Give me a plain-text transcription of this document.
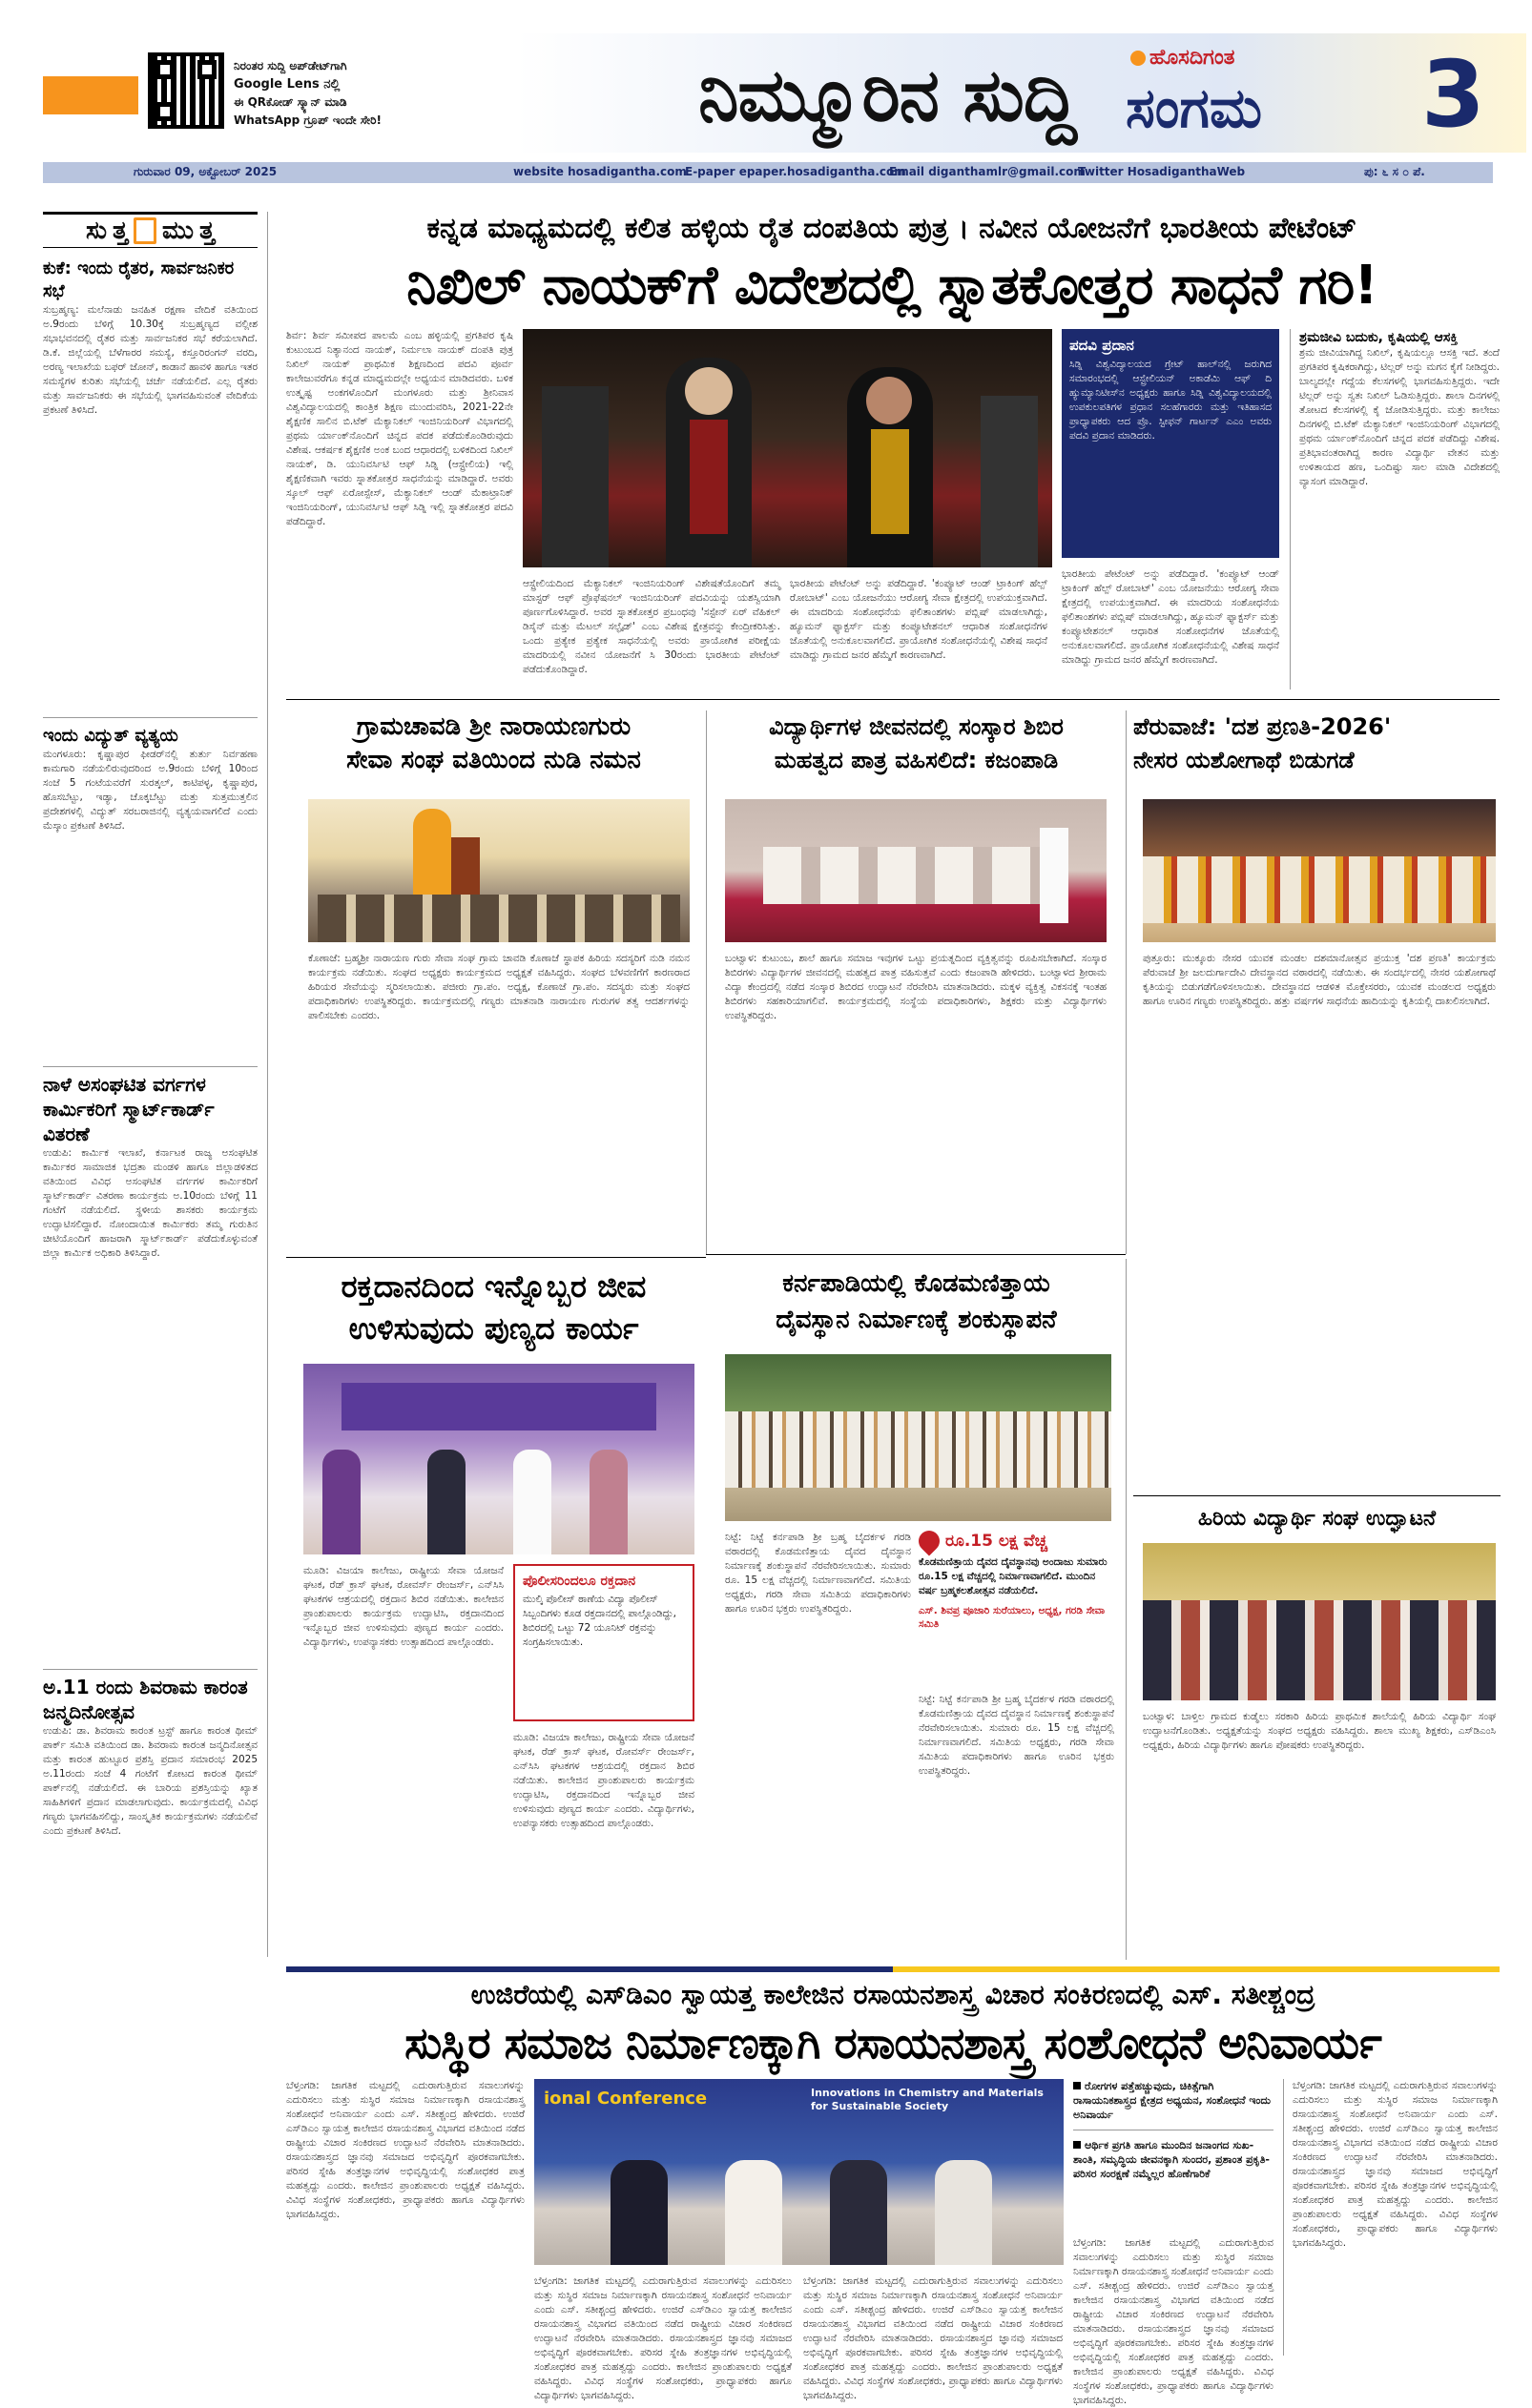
ನಿರಂತರ ಸುದ್ದಿ ಅಪ್‌ಡೇಟ್‌ಗಾಗಿ
Google Lens ನಲ್ಲಿ
ಈ QRಕೋಡ್ ಸ್ಕ್ಯಾನ್ ಮಾಡಿ
WhatsApp ಗ್ರೂಪ್ ಇಂದೇ ಸೇರಿ!	ನಿಮ್ಮೂರಿನ ಸುದ್ದಿ	ಹೊಸದಿಗಂತ
ಸಂಗಮ 3
ಗುರುವಾರ 09, ಅಕ್ಟೋಬರ್ 2025	website hosadigantha.com
E-paper epaper.hosadigantha.com
Email diganthamlr@gmail.com
Twitter HosadiganthaWeb	ಪು: ೬ ಸ ೦ ಪೆ.
ಸು ತ್ತ ಮು ತ್ತ
ಕುಕೆ: ಇಂದು ರೈತರ, ಸಾರ್ವಜನಿಕರ ಸಭೆ
ಸುಬ್ರಹ್ಮಣ್ಯ: ಮಲೆನಾಡು ಜನಹಿತ ರಕ್ಷಣಾ ವೇದಿಕೆ ವತಿಯಿಂದ ಅ.9ರಂದು ಬೆಳಿಗ್ಗೆ 10.30ಕ್ಕೆ ಸುಬ್ರಹ್ಮಣ್ಯದ ವಲ್ಲೀಶ ಸಭಾಭವನದಲ್ಲಿ ರೈತರ ಮತ್ತು ಸಾರ್ವಜನಿಕರ ಸಭೆ ಕರೆಯಲಾಗಿದೆ. ಡಿ.ಕೆ. ಜಿಲ್ಲೆಯಲ್ಲಿ ಬೆಳೆಗಾರರ ಸಮಸ್ಯೆ, ಕಸ್ತೂರಿರಂಗನ್ ವರದಿ, ಅರಣ್ಯ ಇಲಾಖೆಯ ಬಫರ್ ಜೋನ್, ಕಾಡಾನೆ ಹಾವಳಿ ಹಾಗೂ ಇತರ ಸಮಸ್ಯೆಗಳ ಕುರಿತು ಸಭೆಯಲ್ಲಿ ಚರ್ಚೆ ನಡೆಯಲಿದೆ. ಎಲ್ಲ ರೈತರು ಮತ್ತು ಸಾರ್ವಜನಿಕರು ಈ ಸಭೆಯಲ್ಲಿ ಭಾಗವಹಿಸುವಂತೆ ವೇದಿಕೆಯ ಪ್ರಕಟಣೆ ತಿಳಿಸಿದೆ.
ಇಂದು ವಿದ್ಯುತ್ ವ್ಯತ್ಯಯ
ಮಂಗಳೂರು: ಕೃಷ್ಣಾಪುರ ಫೀಡರ್‌ನಲ್ಲಿ ತುರ್ತು ನಿರ್ವಹಣಾ ಕಾಮಗಾರಿ ನಡೆಯಲಿರುವುದರಿಂದ ಅ.9ರಂದು ಬೆಳಿಗ್ಗೆ 10ರಿಂದ ಸಂಜೆ 5 ಗಂಟೆಯವರೆಗೆ ಸುರತ್ಕಲ್, ಕಾಟಿಪಳ್ಳ, ಕೃಷ್ಣಾಪುರ, ಹೊಸಬೆಟ್ಟು, ಇಡ್ಯಾ, ಚೊಕ್ಕಬೆಟ್ಟು ಮತ್ತು ಸುತ್ತಮುತ್ತಲಿನ ಪ್ರದೇಶಗಳಲ್ಲಿ ವಿದ್ಯುತ್ ಸರಬರಾಜಿನಲ್ಲಿ ವ್ಯತ್ಯಯವಾಗಲಿದೆ ಎಂದು ಮೆಸ್ಕಾಂ ಪ್ರಕಟಣೆ ತಿಳಿಸಿದೆ.
ನಾಳೆ ಅಸಂಘಟಿತ ವರ್ಗಗಳ ಕಾರ್ಮಿಕರಿಗೆ ಸ್ಮಾರ್ಟ್‌ಕಾರ್ಡ್ ವಿತರಣೆ
ಉಡುಪಿ: ಕಾರ್ಮಿಕ ಇಲಾಖೆ, ಕರ್ನಾಟಕ ರಾಜ್ಯ ಅಸಂಘಟಿತ ಕಾರ್ಮಿಕರ ಸಾಮಾಜಿಕ ಭದ್ರತಾ ಮಂಡಳಿ ಹಾಗೂ ಜಿಲ್ಲಾಡಳಿತದ ವತಿಯಿಂದ ವಿವಿಧ ಅಸಂಘಟಿತ ವರ್ಗಗಳ ಕಾರ್ಮಿಕರಿಗೆ ಸ್ಮಾರ್ಟ್‌ಕಾರ್ಡ್ ವಿತರಣಾ ಕಾರ್ಯಕ್ರಮ ಅ.10ರಂದು ಬೆಳಿಗ್ಗೆ 11 ಗಂಟೆಗೆ ನಡೆಯಲಿದೆ. ಸ್ಥಳೀಯ ಶಾಸಕರು ಕಾರ್ಯಕ್ರಮ ಉದ್ಘಾಟಿಸಲಿದ್ದಾರೆ. ನೋಂದಾಯಿತ ಕಾರ್ಮಿಕರು ತಮ್ಮ ಗುರುತಿನ ಚೀಟಿಯೊಂದಿಗೆ ಹಾಜರಾಗಿ ಸ್ಮಾರ್ಟ್‌ಕಾರ್ಡ್ ಪಡೆದುಕೊಳ್ಳುವಂತೆ ಜಿಲ್ಲಾ ಕಾರ್ಮಿಕ ಅಧಿಕಾರಿ ತಿಳಿಸಿದ್ದಾರೆ.
ಅ.11 ರಂದು ಶಿವರಾಮ ಕಾರಂತ ಜನ್ಮದಿನೋತ್ಸವ
ಉಡುಪಿ: ಡಾ. ಶಿವರಾಮ ಕಾರಂತ ಟ್ರಸ್ಟ್ ಹಾಗೂ ಕಾರಂತ ಥೀಮ್ ಪಾರ್ಕ್ ಸಮಿತಿ ವತಿಯಿಂದ ಡಾ. ಶಿವರಾಮ ಕಾರಂತ ಜನ್ಮದಿನೋತ್ಸವ ಮತ್ತು ಕಾರಂತ ಹುಟ್ಟೂರ ಪ್ರಶಸ್ತಿ ಪ್ರದಾನ ಸಮಾರಂಭ 2025 ಅ.11ರಂದು ಸಂಜೆ 4 ಗಂಟೆಗೆ ಕೋಟದ ಕಾರಂತ ಥೀಮ್ ಪಾರ್ಕ್‌ನಲ್ಲಿ ನಡೆಯಲಿದೆ. ಈ ಬಾರಿಯ ಪ್ರಶಸ್ತಿಯನ್ನು ಖ್ಯಾತ ಸಾಹಿತಿಗಳಿಗೆ ಪ್ರದಾನ ಮಾಡಲಾಗುವುದು. ಕಾರ್ಯಕ್ರಮದಲ್ಲಿ ವಿವಿಧ ಗಣ್ಯರು ಭಾಗವಹಿಸಲಿದ್ದು, ಸಾಂಸ್ಕೃತಿಕ ಕಾರ್ಯಕ್ರಮಗಳು ನಡೆಯಲಿವೆ ಎಂದು ಪ್ರಕಟಣೆ ತಿಳಿಸಿದೆ.
ಕನ್ನಡ ಮಾಧ್ಯಮದಲ್ಲಿ ಕಲಿತ ಹಳ್ಳಿಯ ರೈತ ದಂಪತಿಯ ಪುತ್ರ । ನವೀನ ಯೋಜನೆಗೆ ಭಾರತೀಯ ಪೇಟೆಂಟ್
ನಿಖಿಲ್ ನಾಯಕ್‌ಗೆ ವಿದೇಶದಲ್ಲಿ ಸ್ನಾತಕೋತ್ತರ ಸಾಧನೆ ಗರಿ!
ಶಿರ್ವ: ಶಿರ್ವ ಸಮೀಪದ ಪಾಲಮೆ ಎಂಬ ಹಳ್ಳಿಯಲ್ಲಿ ಪ್ರಗತಿಪರ ಕೃಷಿ ಕುಟುಂಬದ ನಿತ್ಯಾನಂದ ನಾಯಕ್, ನಿರ್ಮಲಾ ನಾಯಕ್ ದಂಪತಿ ಪುತ್ರ ನಿಖಿಲ್ ನಾಯಕ್ ಪ್ರಾಥಮಿಕ ಶಿಕ್ಷಣದಿಂದ ಪದವಿ ಪೂರ್ವ ಕಾಲೇಜುವರೆಗೂ ಕನ್ನಡ ಮಾಧ್ಯಮದಲ್ಲೇ ಅಧ್ಯಯನ ಮಾಡಿದವರು. ಬಳಿಕ ಉತ್ಕೃಷ್ಟ ಅಂಕಗಳೊಂದಿಗೆ ಮಂಗಳೂರು ಮತ್ತು ಶ್ರೀನಿವಾಸ ವಿಶ್ವವಿದ್ಯಾಲಯದಲ್ಲಿ ಕಾಂತ್ರಿಕ ಶಿಕ್ಷಣ ಮುಂದುವರಿಸಿ, 2021-22ನೇ ಶೈಕ್ಷಣಿಕ ಸಾಲಿನ ಬಿ.ಟೆಕ್ ಮೆಕ್ಯಾನಿಕಲ್ ಇಂಜಿನಿಯರಿಂಗ್ ವಿಭಾಗದಲ್ಲಿ ಪ್ರಥಮ ರ್ಯಾಂಕ್‌ನೊಂದಿಗೆ ಚಿನ್ನದ ಪದಕ ಪಡೆದುಕೊಂಡಿರುವುದು ವಿಶೇಷ. ಆಕರ್ಷಕ ಶೈಕ್ಷಣಿಕ ಅಂಕ ಬಂದ ಆಧಾರದಲ್ಲಿ ಬಳಿಕದಿಂದ ನಿಖಿಲ್ ನಾಯಕ್, ಡಿ. ಯುನಿವರ್ಸಿಟಿ ಆಫ್ ಸಿಡ್ನಿ (ಆಸ್ಟ್ರೇಲಿಯ) ಇಲ್ಲಿ ಶೈಕ್ಷಣಿಕವಾಗಿ ಇವರು ಸ್ನಾತಕೋತ್ತರ ಸಾಧನೆಯನ್ನು ಮಾಡಿದ್ದಾರೆ. ಅವರು ಸ್ಕೂಲ್ ಆಫ್ ಏರೋಸ್ಪೇಸ್, ಮೆಕ್ಯಾನಿಕಲ್ ಆಂಡ್ ಮೆಕಾಟ್ರಾನಿಕ್ ಇಂಜಿನಿಯರಿಂಗ್, ಯುನಿವರ್ಸಿಟಿ ಆಫ್ ಸಿಡ್ನಿ ಇಲ್ಲಿ ಸ್ನಾತಕೋತ್ತರ ಪದವಿ ಪಡೆದಿದ್ದಾರೆ.
ಆಸ್ಟ್ರೇಲಿಯದಿಂದ ಮೆಕ್ಯಾನಿಕಲ್ ಇಂಜಿನಿಯರಿಂಗ್ ವಿಶೇಷತೆಯೊಂದಿಗೆ ತಮ್ಮ ಮಾಸ್ಟರ್ ಆಫ್ ಪ್ರೊಫೆಷನಲ್ ಇಂಜಿನಿಯರಿಂಗ್ ಪದವಿಯನ್ನು ಯಶಸ್ವಿಯಾಗಿ ಪೂರ್ಣಗೊಳಿಸಿದ್ದಾರೆ. ಅವರ ಸ್ನಾತಕೋತ್ತರ ಪ್ರಬಂಧವು 'ಸಸ್ಟೇನ್ ಏರ್ ವೆಹಿಕಲ್ ಡಿಸೈನ್ ಮತ್ತು ಮೆಟಲ್ ಸಲ್ಫೈಡ್' ಎಂಬ ವಿಶೇಷ ಕ್ಷೇತ್ರವನ್ನು ಕೇಂದ್ರೀಕರಿಸಿತ್ತು. ಒಂದು ಪ್ರತ್ಯೇಕ ಪ್ರತ್ಯೇಕ ಸಾಧನೆಯಲ್ಲಿ ಅವರು ಪ್ರಾಯೋಗಿಕ ಪರೀಕ್ಷೆಯ ಮಾದರಿಯಲ್ಲಿ ನವೀನ ಯೋಜನೆಗೆ ಸಿ 30ರಂದು ಭಾರತೀಯ ಪೇಟೆಂಟ್ ಪಡೆದುಕೊಂಡಿದ್ದಾರೆ.
ಭಾರತೀಯ ಪೇಟೆಂಟ್ ಅನ್ನು ಪಡೆದಿದ್ದಾರೆ. 'ಕಂಪ್ಯೂಟ್ ಆಂಡ್ ಟ್ರಾಕಿಂಗ್ ಹೆಲ್ಪ್ ರೋಬಾಟ್' ಎಂಬ ಯೋಜನೆಯು ಆರೋಗ್ಯ ಸೇವಾ ಕ್ಷೇತ್ರದಲ್ಲಿ ಉಪಯುಕ್ತವಾಗಿದೆ. ಈ ಮಾದರಿಯ ಸಂಶೋಧನೆಯ ಫಲಿತಾಂಶಗಳು ಪಬ್ಲಿಷ್ ಮಾಡಲಾಗಿದ್ದು, ಹ್ಯೂಮನ್ ಫ್ಯಾಕ್ಟರ್ಸ್ ಮತ್ತು ಕಂಪ್ಯೂಟೇಶನಲ್ ಆಧಾರಿತ ಸಂಶೋಧನೆಗಳ ಜೊತೆಯಲ್ಲಿ ಅನುಕೂಲವಾಗಲಿದೆ. ಪ್ರಾಯೋಗಿಕ ಸಂಶೋಧನೆಯಲ್ಲಿ ವಿಶೇಷ ಸಾಧನೆ ಮಾಡಿದ್ದು ಗ್ರಾಮದ ಜನರ ಹೆಮ್ಮೆಗೆ ಕಾರಣವಾಗಿದೆ.
ಪದವಿ ಪ್ರದಾನ
ಸಿಡ್ನಿ ವಿಶ್ವವಿದ್ಯಾಲಯದ ಗ್ರೇಟ್ ಹಾಲ್‌ನಲ್ಲಿ ಜರುಗಿದ ಸಮಾರಂಭದಲ್ಲಿ ಆಸ್ಟ್ರೇಲಿಯನ್ ಅಕಾಡೆಮಿ ಆಫ್ ದಿ ಹ್ಯುಮ್ಯಾನಿಟೀಸ್‌ನ ಅಧ್ಯಕ್ಷರು ಹಾಗೂ ಸಿಡ್ನಿ ವಿಶ್ವವಿದ್ಯಾಲಯದಲ್ಲಿ ಉಪಕುಲಪತಿಗಳ ಪ್ರಧಾನ ಸಲಹೆಗಾರರು ಮತ್ತು ಇತಿಹಾಸದ ಪ್ರಾಧ್ಯಾಪಕರು ಆದ ಪ್ರೊ. ಸ್ಟೀಫನ್ ಗಾರ್ಟನ್ ಎಎಂ ಅವರು ಪದವಿ ಪ್ರದಾನ ಮಾಡಿದರು.
ಭಾರತೀಯ ಪೇಟೆಂಟ್ ಅನ್ನು ಪಡೆದಿದ್ದಾರೆ. 'ಕಂಪ್ಯೂಟ್ ಆಂಡ್ ಟ್ರಾಕಿಂಗ್ ಹೆಲ್ಪ್ ರೋಬಾಟ್' ಎಂಬ ಯೋಜನೆಯು ಆರೋಗ್ಯ ಸೇವಾ ಕ್ಷೇತ್ರದಲ್ಲಿ ಉಪಯುಕ್ತವಾಗಿದೆ. ಈ ಮಾದರಿಯ ಸಂಶೋಧನೆಯ ಫಲಿತಾಂಶಗಳು ಪಬ್ಲಿಷ್ ಮಾಡಲಾಗಿದ್ದು, ಹ್ಯೂಮನ್ ಫ್ಯಾಕ್ಟರ್ಸ್ ಮತ್ತು ಕಂಪ್ಯೂಟೇಶನಲ್ ಆಧಾರಿತ ಸಂಶೋಧನೆಗಳ ಜೊತೆಯಲ್ಲಿ ಅನುಕೂಲವಾಗಲಿದೆ. ಪ್ರಾಯೋಗಿಕ ಸಂಶೋಧನೆಯಲ್ಲಿ ವಿಶೇಷ ಸಾಧನೆ ಮಾಡಿದ್ದು ಗ್ರಾಮದ ಜನರ ಹೆಮ್ಮೆಗೆ ಕಾರಣವಾಗಿದೆ.
ಶ್ರಮಜೀವಿ ಬದುಕು, ಕೃಷಿಯಲ್ಲಿ ಆಸಕ್ತಿ
ಶ್ರಮ ಜೀವಿಯಾಗಿದ್ದ ನಿಖಿಲ್, ಕೃಷಿಯಲ್ಲೂ ಆಸಕ್ತಿ ಇದೆ. ತಂದೆ ಪ್ರಗತಿಪರ ಕೃಷಿಕರಾಗಿದ್ದು, ಟಿಲ್ಲರ್ ಅನ್ನು ಮಗನ ಕೈಗೆ ನೀಡಿದ್ದರು. ಬಾಲ್ಯದಲ್ಲೇ ಗದ್ದೆಯ ಕೆಲಸಗಳಲ್ಲಿ ಭಾಗವಹಿಸುತ್ತಿದ್ದರು. ಇದೇ ಟಿಲ್ಲರ್ ಅನ್ನು ಸ್ವತಃ ನಿಖಿಲ್ ಓಡಿಸುತ್ತಿದ್ದರು. ಶಾಲಾ ದಿನಗಳಲ್ಲಿ ತೋಟದ ಕೆಲಸಗಳಲ್ಲಿ ಕೈ ಜೋಡಿಸುತ್ತಿದ್ದರು. ಮತ್ತು ಕಾಲೇಜು ದಿನಗಳಲ್ಲಿ ಬಿ.ಟೆಕ್ ಮೆಕ್ಯಾನಿಕಲ್ ಇಂಜಿನಿಯರಿಂಗ್ ವಿಭಾಗದಲ್ಲಿ ಪ್ರಥಮ ರ್ಯಾಂಕ್‌ನೊಂದಿಗೆ ಚಿನ್ನದ ಪದಕ ಪಡೆದಿದ್ದು ವಿಶೇಷ. ಪ್ರತಿಭಾವಂತರಾಗಿದ್ದ ಕಾರಣ ವಿದ್ಯಾರ್ಥಿ ವೇತನ ಮತ್ತು ಉಳಿತಾಯದ ಹಣ, ಒಂದಿಷ್ಟು ಸಾಲ ಮಾಡಿ ವಿದೇಶದಲ್ಲಿ ವ್ಯಾಸಂಗ ಮಾಡಿದ್ದಾರೆ.
ಗ್ರಾಮಚಾವಡಿ ಶ್ರೀ ನಾರಾಯಣಗುರು
ಸೇವಾ ಸಂಘ ವತಿಯಿಂದ ನುಡಿ ನಮನ
ಕೊಣಾಜೆ: ಬ್ರಹ್ಮಶ್ರೀ ನಾರಾಯಣ ಗುರು ಸೇವಾ ಸಂಘ ಗ್ರಾಮ ಚಾವಡಿ ಕೊಣಾಜೆ ಸ್ಥಾಪಕ ಹಿರಿಯ ಸದಸ್ಯರಿಗೆ ನುಡಿ ನಮನ ಕಾರ್ಯಕ್ರಮ ನಡೆಯಿತು. ಸಂಘದ ಅಧ್ಯಕ್ಷರು ಕಾರ್ಯಕ್ರಮದ ಅಧ್ಯಕ್ಷತೆ ವಹಿಸಿದ್ದರು. ಸಂಘದ ಬೆಳವಣಿಗೆಗೆ ಕಾರಣರಾದ ಹಿರಿಯರ ಸೇವೆಯನ್ನು ಸ್ಮರಿಸಲಾಯಿತು. ಪಜೀರು ಗ್ರಾ.ಪಂ. ಅಧ್ಯಕ್ಷ, ಕೊಣಾಜೆ ಗ್ರಾ.ಪಂ. ಸದಸ್ಯರು ಮತ್ತು ಸಂಘದ ಪದಾಧಿಕಾರಿಗಳು ಉಪಸ್ಥಿತರಿದ್ದರು. ಕಾರ್ಯಕ್ರಮದಲ್ಲಿ ಗಣ್ಯರು ಮಾತನಾಡಿ ನಾರಾಯಣ ಗುರುಗಳ ತತ್ವ ಆದರ್ಶಗಳನ್ನು ಪಾಲಿಸಬೇಕು ಎಂದರು.
ವಿದ್ಯಾರ್ಥಿಗಳ ಜೀವನದಲ್ಲಿ ಸಂಸ್ಕಾರ ಶಿಬಿರ
ಮಹತ್ವದ ಪಾತ್ರ ವಹಿಸಲಿದೆ: ಕಜಂಪಾಡಿ
ಬಂಟ್ವಾಳ: ಕುಟುಂಬ, ಶಾಲೆ ಹಾಗೂ ಸಮಾಜ ಇವುಗಳ ಒಟ್ಟು ಪ್ರಯತ್ನದಿಂದ ವ್ಯಕ್ತಿತ್ವವನ್ನು ರೂಪಿಸಬೇಕಾಗಿದೆ. ಸಂಸ್ಕಾರ ಶಿಬಿರಗಳು ವಿದ್ಯಾರ್ಥಿಗಳ ಜೀವನದಲ್ಲಿ ಮಹತ್ವದ ಪಾತ್ರ ವಹಿಸುತ್ತವೆ ಎಂದು ಕಜಂಪಾಡಿ ಹೇಳಿದರು. ಬಂಟ್ವಾಳದ ಶ್ರೀರಾಮ ವಿದ್ಯಾ ಕೇಂದ್ರದಲ್ಲಿ ನಡೆದ ಸಂಸ್ಕಾರ ಶಿಬಿರದ ಉದ್ಘಾಟನೆ ನೆರವೇರಿಸಿ ಮಾತನಾಡಿದರು. ಮಕ್ಕಳ ವ್ಯಕ್ತಿತ್ವ ವಿಕಸನಕ್ಕೆ ಇಂತಹ ಶಿಬಿರಗಳು ಸಹಕಾರಿಯಾಗಲಿವೆ. ಕಾರ್ಯಕ್ರಮದಲ್ಲಿ ಸಂಸ್ಥೆಯ ಪದಾಧಿಕಾರಿಗಳು, ಶಿಕ್ಷಕರು ಮತ್ತು ವಿದ್ಯಾರ್ಥಿಗಳು ಉಪಸ್ಥಿತರಿದ್ದರು.
ಪೆರುವಾಜೆ: 'ದಶ ಪ್ರಣತಿ-2026'
ನೇಸರ ಯಶೋಗಾಥೆ ಬಿಡುಗಡೆ
ಪುತ್ತೂರು: ಮುಕ್ಕೂರು ನೇಸರ ಯುವಕ ಮಂಡಲ ದಶಮಾನೋತ್ಸವ ಪ್ರಯುಕ್ತ 'ದಶ ಪ್ರಣತಿ' ಕಾರ್ಯಕ್ರಮ ಪೆರುವಾಜೆ ಶ್ರೀ ಜಲದುರ್ಗಾದೇವಿ ದೇವಸ್ಥಾನದ ವಠಾರದಲ್ಲಿ ನಡೆಯಿತು. ಈ ಸಂದರ್ಭದಲ್ಲಿ ನೇಸರ ಯಶೋಗಾಥೆ ಕೃತಿಯನ್ನು ಬಿಡುಗಡೆಗೊಳಿಸಲಾಯಿತು. ದೇವಸ್ಥಾನದ ಆಡಳಿತ ಮೊಕ್ತೇಸರರು, ಯುವಕ ಮಂಡಲದ ಅಧ್ಯಕ್ಷರು ಹಾಗೂ ಊರಿನ ಗಣ್ಯರು ಉಪಸ್ಥಿತರಿದ್ದರು. ಹತ್ತು ವರ್ಷಗಳ ಸಾಧನೆಯ ಹಾದಿಯನ್ನು ಕೃತಿಯಲ್ಲಿ ದಾಖಲಿಸಲಾಗಿದೆ.
ರಕ್ತದಾನದಿಂದ ಇನ್ನೊಬ್ಬರ ಜೀವ
ಉಳಿಸುವುದು ಪುಣ್ಯದ ಕಾರ್ಯ
ಮೂಡಿ: ವಿಜಯಾ ಕಾಲೇಜು, ರಾಷ್ಟ್ರೀಯ ಸೇವಾ ಯೋಜನೆ ಘಟಕ, ರೆಡ್ ಕ್ರಾಸ್ ಘಟಕ, ರೋವರ್ಸ್ ರೇಂಜರ್ಸ್, ಎನ್‌ಸಿಸಿ ಘಟಕಗಳ ಆಶ್ರಯದಲ್ಲಿ ರಕ್ತದಾನ ಶಿಬಿರ ನಡೆಯಿತು. ಕಾಲೇಜಿನ ಪ್ರಾಂಶುಪಾಲರು ಕಾರ್ಯಕ್ರಮ ಉದ್ಘಾಟಿಸಿ, ರಕ್ತದಾನದಿಂದ ಇನ್ನೊಬ್ಬರ ಜೀವ ಉಳಿಸುವುದು ಪುಣ್ಯದ ಕಾರ್ಯ ಎಂದರು. ವಿದ್ಯಾರ್ಥಿಗಳು, ಉಪನ್ಯಾಸಕರು ಉತ್ಸಾಹದಿಂದ ಪಾಲ್ಗೊಂಡರು.
ಪೊಲೀಸರಿಂದಲೂ ರಕ್ತದಾನ
ಮುಲ್ಕಿ ಪೊಲೀಸ್ ಠಾಣೆಯ ವಿದ್ಯಾ ಪೊಲೀಸ್ ಸಿಬ್ಬಂದಿಗಳು ಕೂಡ ರಕ್ತದಾನದಲ್ಲಿ ಪಾಲ್ಗೊಂಡಿದ್ದು, ಶಿಬಿರದಲ್ಲಿ ಒಟ್ಟು 72 ಯೂನಿಟ್ ರಕ್ತವನ್ನು ಸಂಗ್ರಹಿಸಲಾಯಿತು.
ಮೂಡಿ: ವಿಜಯಾ ಕಾಲೇಜು, ರಾಷ್ಟ್ರೀಯ ಸೇವಾ ಯೋಜನೆ ಘಟಕ, ರೆಡ್ ಕ್ರಾಸ್ ಘಟಕ, ರೋವರ್ಸ್ ರೇಂಜರ್ಸ್, ಎನ್‌ಸಿಸಿ ಘಟಕಗಳ ಆಶ್ರಯದಲ್ಲಿ ರಕ್ತದಾನ ಶಿಬಿರ ನಡೆಯಿತು. ಕಾಲೇಜಿನ ಪ್ರಾಂಶುಪಾಲರು ಕಾರ್ಯಕ್ರಮ ಉದ್ಘಾಟಿಸಿ, ರಕ್ತದಾನದಿಂದ ಇನ್ನೊಬ್ಬರ ಜೀವ ಉಳಿಸುವುದು ಪುಣ್ಯದ ಕಾರ್ಯ ಎಂದರು. ವಿದ್ಯಾರ್ಥಿಗಳು, ಉಪನ್ಯಾಸಕರು ಉತ್ಸಾಹದಿಂದ ಪಾಲ್ಗೊಂಡರು.
ಕರ್ನಪಾಡಿಯಲ್ಲಿ ಕೊಡಮಣಿತ್ತಾಯ
ದೈವಸ್ಥಾನ ನಿರ್ಮಾಣಕ್ಕೆ ಶಂಕುಸ್ಥಾಪನೆ
ನಿಟ್ಟೆ: ನಿಟ್ಟೆ ಕರ್ನಪಾಡಿ ಶ್ರೀ ಬ್ರಹ್ಮ ಬೈದರ್ಕಳ ಗರಡಿ ವಠಾರದಲ್ಲಿ ಕೊಡಮಣಿತ್ತಾಯ ದೈವದ ದೈವಸ್ಥಾನ ನಿರ್ಮಾಣಕ್ಕೆ ಶಂಕುಸ್ಥಾಪನೆ ನೆರವೇರಿಸಲಾಯಿತು. ಸುಮಾರು ರೂ. 15 ಲಕ್ಷ ವೆಚ್ಚದಲ್ಲಿ ನಿರ್ಮಾಣವಾಗಲಿದೆ. ಸಮಿತಿಯ ಅಧ್ಯಕ್ಷರು, ಗರಡಿ ಸೇವಾ ಸಮಿತಿಯ ಪದಾಧಿಕಾರಿಗಳು ಹಾಗೂ ಊರಿನ ಭಕ್ತರು ಉಪಸ್ಥಿತರಿದ್ದರು.
ರೂ.15 ಲಕ್ಷ ವೆಚ್ಚ
ಕೊಡಮಣಿತ್ತಾಯ ದೈವದ ದೈವಸ್ಥಾನವು ಅಂದಾಜು ಸುಮಾರು ರೂ.15 ಲಕ್ಷ ವೆಚ್ಚದಲ್ಲಿ ನಿರ್ಮಾಣವಾಗಲಿದೆ. ಮುಂದಿನ ವರ್ಷ ಬ್ರಹ್ಮಕಲಶೋತ್ಸವ ನಡೆಯಲಿದೆ.
ಎಸ್. ಶಿವಪ್ರ ಪೂಜಾರಿ ಸುರೆಯಾಲು, ಅಧ್ಯಕ್ಷ, ಗರಡಿ ಸೇವಾ ಸಮಿತಿ
ನಿಟ್ಟೆ: ನಿಟ್ಟೆ ಕರ್ನಪಾಡಿ ಶ್ರೀ ಬ್ರಹ್ಮ ಬೈದರ್ಕಳ ಗರಡಿ ವಠಾರದಲ್ಲಿ ಕೊಡಮಣಿತ್ತಾಯ ದೈವದ ದೈವಸ್ಥಾನ ನಿರ್ಮಾಣಕ್ಕೆ ಶಂಕುಸ್ಥಾಪನೆ ನೆರವೇರಿಸಲಾಯಿತು. ಸುಮಾರು ರೂ. 15 ಲಕ್ಷ ವೆಚ್ಚದಲ್ಲಿ ನಿರ್ಮಾಣವಾಗಲಿದೆ. ಸಮಿತಿಯ ಅಧ್ಯಕ್ಷರು, ಗರಡಿ ಸೇವಾ ಸಮಿತಿಯ ಪದಾಧಿಕಾರಿಗಳು ಹಾಗೂ ಊರಿನ ಭಕ್ತರು ಉಪಸ್ಥಿತರಿದ್ದರು.
ಹಿರಿಯ ವಿದ್ಯಾರ್ಥಿ ಸಂಘ ಉದ್ಘಾಟನೆ
ಬಂಟ್ವಾಳ: ಬಾಳ್ತಿಲ ಗ್ರಾಮದ ಕುಡ್ಮೆಲು ಸರಕಾರಿ ಹಿರಿಯ ಪ್ರಾಥಮಿಕ ಶಾಲೆಯಲ್ಲಿ ಹಿರಿಯ ವಿದ್ಯಾರ್ಥಿ ಸಂಘ ಉದ್ಘಾಟನೆಗೊಂಡಿತು. ಅಧ್ಯಕ್ಷತೆಯನ್ನು ಸಂಘದ ಅಧ್ಯಕ್ಷರು ವಹಿಸಿದ್ದರು. ಶಾಲಾ ಮುಖ್ಯ ಶಿಕ್ಷಕರು, ಎಸ್‌ಡಿಎಂಸಿ ಅಧ್ಯಕ್ಷರು, ಹಿರಿಯ ವಿದ್ಯಾರ್ಥಿಗಳು ಹಾಗೂ ಪೋಷಕರು ಉಪಸ್ಥಿತರಿದ್ದರು.
ಉಜಿರೆಯಲ್ಲಿ ಎಸ್‌ಡಿಎಂ ಸ್ವಾಯತ್ತ ಕಾಲೇಜಿನ ರಸಾಯನಶಾಸ್ತ್ರ ವಿಚಾರ ಸಂಕಿರಣದಲ್ಲಿ ಎಸ್. ಸತೀಶ್ಚಂದ್ರ
ಸುಸ್ಥಿರ ಸಮಾಜ ನಿರ್ಮಾಣಕ್ಕಾಗಿ ರಸಾಯನಶಾಸ್ತ್ರ ಸಂಶೋಧನೆ ಅನಿವಾರ್ಯ
ಬೆಳ್ತಂಗಡಿ: ಜಾಗತಿಕ ಮಟ್ಟದಲ್ಲಿ ಎದುರಾಗುತ್ತಿರುವ ಸವಾಲುಗಳನ್ನು ಎದುರಿಸಲು ಮತ್ತು ಸುಸ್ಥಿರ ಸಮಾಜ ನಿರ್ಮಾಣಕ್ಕಾಗಿ ರಸಾಯನಶಾಸ್ತ್ರ ಸಂಶೋಧನೆ ಅನಿವಾರ್ಯ ಎಂದು ಎಸ್. ಸತೀಶ್ಚಂದ್ರ ಹೇಳಿದರು. ಉಜಿರೆ ಎಸ್‌ಡಿಎಂ ಸ್ವಾಯತ್ತ ಕಾಲೇಜಿನ ರಸಾಯನಶಾಸ್ತ್ರ ವಿಭಾಗದ ವತಿಯಿಂದ ನಡೆದ ರಾಷ್ಟ್ರೀಯ ವಿಚಾರ ಸಂಕಿರಣದ ಉದ್ಘಾಟನೆ ನೆರವೇರಿಸಿ ಮಾತನಾಡಿದರು. ರಸಾಯನಶಾಸ್ತ್ರದ ಜ್ಞಾನವು ಸಮಾಜದ ಅಭಿವೃದ್ಧಿಗೆ ಪೂರಕವಾಗಬೇಕು. ಪರಿಸರ ಸ್ನೇಹಿ ತಂತ್ರಜ್ಞಾನಗಳ ಅಭಿವೃದ್ಧಿಯಲ್ಲಿ ಸಂಶೋಧಕರ ಪಾತ್ರ ಮಹತ್ವದ್ದು ಎಂದರು. ಕಾಲೇಜಿನ ಪ್ರಾಂಶುಪಾಲರು ಅಧ್ಯಕ್ಷತೆ ವಹಿಸಿದ್ದರು. ವಿವಿಧ ಸಂಸ್ಥೆಗಳ ಸಂಶೋಧಕರು, ಪ್ರಾಧ್ಯಾಪಕರು ಹಾಗೂ ವಿದ್ಯಾರ್ಥಿಗಳು ಭಾಗವಹಿಸಿದ್ದರು.
ional Conference	Innovations in Chemistry and Materials for Sustainable Society
ಬೆಳ್ತಂಗಡಿ: ಜಾಗತಿಕ ಮಟ್ಟದಲ್ಲಿ ಎದುರಾಗುತ್ತಿರುವ ಸವಾಲುಗಳನ್ನು ಎದುರಿಸಲು ಮತ್ತು ಸುಸ್ಥಿರ ಸಮಾಜ ನಿರ್ಮಾಣಕ್ಕಾಗಿ ರಸಾಯನಶಾಸ್ತ್ರ ಸಂಶೋಧನೆ ಅನಿವಾರ್ಯ ಎಂದು ಎಸ್. ಸತೀಶ್ಚಂದ್ರ ಹೇಳಿದರು. ಉಜಿರೆ ಎಸ್‌ಡಿಎಂ ಸ್ವಾಯತ್ತ ಕಾಲೇಜಿನ ರಸಾಯನಶಾಸ್ತ್ರ ವಿಭಾಗದ ವತಿಯಿಂದ ನಡೆದ ರಾಷ್ಟ್ರೀಯ ವಿಚಾರ ಸಂಕಿರಣದ ಉದ್ಘಾಟನೆ ನೆರವೇರಿಸಿ ಮಾತನಾಡಿದರು. ರಸಾಯನಶಾಸ್ತ್ರದ ಜ್ಞಾನವು ಸಮಾಜದ ಅಭಿವೃದ್ಧಿಗೆ ಪೂರಕವಾಗಬೇಕು. ಪರಿಸರ ಸ್ನೇಹಿ ತಂತ್ರಜ್ಞಾನಗಳ ಅಭಿವೃದ್ಧಿಯಲ್ಲಿ ಸಂಶೋಧಕರ ಪಾತ್ರ ಮಹತ್ವದ್ದು ಎಂದರು. ಕಾಲೇಜಿನ ಪ್ರಾಂಶುಪಾಲರು ಅಧ್ಯಕ್ಷತೆ ವಹಿಸಿದ್ದರು. ವಿವಿಧ ಸಂಸ್ಥೆಗಳ ಸಂಶೋಧಕರು, ಪ್ರಾಧ್ಯಾಪಕರು ಹಾಗೂ ವಿದ್ಯಾರ್ಥಿಗಳು ಭಾಗವಹಿಸಿದ್ದರು.
ಬೆಳ್ತಂಗಡಿ: ಜಾಗತಿಕ ಮಟ್ಟದಲ್ಲಿ ಎದುರಾಗುತ್ತಿರುವ ಸವಾಲುಗಳನ್ನು ಎದುರಿಸಲು ಮತ್ತು ಸುಸ್ಥಿರ ಸಮಾಜ ನಿರ್ಮಾಣಕ್ಕಾಗಿ ರಸಾಯನಶಾಸ್ತ್ರ ಸಂಶೋಧನೆ ಅನಿವಾರ್ಯ ಎಂದು ಎಸ್. ಸತೀಶ್ಚಂದ್ರ ಹೇಳಿದರು. ಉಜಿರೆ ಎಸ್‌ಡಿಎಂ ಸ್ವಾಯತ್ತ ಕಾಲೇಜಿನ ರಸಾಯನಶಾಸ್ತ್ರ ವಿಭಾಗದ ವತಿಯಿಂದ ನಡೆದ ರಾಷ್ಟ್ರೀಯ ವಿಚಾರ ಸಂಕಿರಣದ ಉದ್ಘಾಟನೆ ನೆರವೇರಿಸಿ ಮಾತನಾಡಿದರು. ರಸಾಯನಶಾಸ್ತ್ರದ ಜ್ಞಾನವು ಸಮಾಜದ ಅಭಿವೃದ್ಧಿಗೆ ಪೂರಕವಾಗಬೇಕು. ಪರಿಸರ ಸ್ನೇಹಿ ತಂತ್ರಜ್ಞಾನಗಳ ಅಭಿವೃದ್ಧಿಯಲ್ಲಿ ಸಂಶೋಧಕರ ಪಾತ್ರ ಮಹತ್ವದ್ದು ಎಂದರು. ಕಾಲೇಜಿನ ಪ್ರಾಂಶುಪಾಲರು ಅಧ್ಯಕ್ಷತೆ ವಹಿಸಿದ್ದರು. ವಿವಿಧ ಸಂಸ್ಥೆಗಳ ಸಂಶೋಧಕರು, ಪ್ರಾಧ್ಯಾಪಕರು ಹಾಗೂ ವಿದ್ಯಾರ್ಥಿಗಳು ಭಾಗವಹಿಸಿದ್ದರು.
ರೋಗಗಳ ಪತ್ತೆಹಚ್ಚುವುದು, ಚಿಕಿತ್ಸೆಗಾಗಿ ರಾಸಾಯನಿಕಶಾಸ್ತ್ರದ ಕ್ಷೇತ್ರದ ಅಧ್ಯಯನ, ಸಂಶೋಧನೆ ಇಂದು ಅನಿವಾರ್ಯ
ಆರ್ಥಿಕ ಪ್ರಗತಿ ಹಾಗೂ ಮುಂದಿನ ಜನಾಂಗದ ಸುಖ-ಶಾಂತಿ, ಸಮೃದ್ಧಿಯ ಜೀವನಕ್ಕಾಗಿ ಸುಂದರ, ಪ್ರಶಾಂತ ಪ್ರಕೃತಿ-ಪರಿಸರ ಸಂರಕ್ಷಣೆ ನಮ್ಮೆಲ್ಲರ ಹೊಣೆಗಾರಿಕೆ
ಬೆಳ್ತಂಗಡಿ: ಜಾಗತಿಕ ಮಟ್ಟದಲ್ಲಿ ಎದುರಾಗುತ್ತಿರುವ ಸವಾಲುಗಳನ್ನು ಎದುರಿಸಲು ಮತ್ತು ಸುಸ್ಥಿರ ಸಮಾಜ ನಿರ್ಮಾಣಕ್ಕಾಗಿ ರಸಾಯನಶಾಸ್ತ್ರ ಸಂಶೋಧನೆ ಅನಿವಾರ್ಯ ಎಂದು ಎಸ್. ಸತೀಶ್ಚಂದ್ರ ಹೇಳಿದರು. ಉಜಿರೆ ಎಸ್‌ಡಿಎಂ ಸ್ವಾಯತ್ತ ಕಾಲೇಜಿನ ರಸಾಯನಶಾಸ್ತ್ರ ವಿಭಾಗದ ವತಿಯಿಂದ ನಡೆದ ರಾಷ್ಟ್ರೀಯ ವಿಚಾರ ಸಂಕಿರಣದ ಉದ್ಘಾಟನೆ ನೆರವೇರಿಸಿ ಮಾತನಾಡಿದರು. ರಸಾಯನಶಾಸ್ತ್ರದ ಜ್ಞಾನವು ಸಮಾಜದ ಅಭಿವೃದ್ಧಿಗೆ ಪೂರಕವಾಗಬೇಕು. ಪರಿಸರ ಸ್ನೇಹಿ ತಂತ್ರಜ್ಞಾನಗಳ ಅಭಿವೃದ್ಧಿಯಲ್ಲಿ ಸಂಶೋಧಕರ ಪಾತ್ರ ಮಹತ್ವದ್ದು ಎಂದರು. ಕಾಲೇಜಿನ ಪ್ರಾಂಶುಪಾಲರು ಅಧ್ಯಕ್ಷತೆ ವಹಿಸಿದ್ದರು. ವಿವಿಧ ಸಂಸ್ಥೆಗಳ ಸಂಶೋಧಕರು, ಪ್ರಾಧ್ಯಾಪಕರು ಹಾಗೂ ವಿದ್ಯಾರ್ಥಿಗಳು ಭಾಗವಹಿಸಿದ್ದರು.
ಬೆಳ್ತಂಗಡಿ: ಜಾಗತಿಕ ಮಟ್ಟದಲ್ಲಿ ಎದುರಾಗುತ್ತಿರುವ ಸವಾಲುಗಳನ್ನು ಎದುರಿಸಲು ಮತ್ತು ಸುಸ್ಥಿರ ಸಮಾಜ ನಿರ್ಮಾಣಕ್ಕಾಗಿ ರಸಾಯನಶಾಸ್ತ್ರ ಸಂಶೋಧನೆ ಅನಿವಾರ್ಯ ಎಂದು ಎಸ್. ಸತೀಶ್ಚಂದ್ರ ಹೇಳಿದರು. ಉಜಿರೆ ಎಸ್‌ಡಿಎಂ ಸ್ವಾಯತ್ತ ಕಾಲೇಜಿನ ರಸಾಯನಶಾಸ್ತ್ರ ವಿಭಾಗದ ವತಿಯಿಂದ ನಡೆದ ರಾಷ್ಟ್ರೀಯ ವಿಚಾರ ಸಂಕಿರಣದ ಉದ್ಘಾಟನೆ ನೆರವೇರಿಸಿ ಮಾತನಾಡಿದರು. ರಸಾಯನಶಾಸ್ತ್ರದ ಜ್ಞಾನವು ಸಮಾಜದ ಅಭಿವೃದ್ಧಿಗೆ ಪೂರಕವಾಗಬೇಕು. ಪರಿಸರ ಸ್ನೇಹಿ ತಂತ್ರಜ್ಞಾನಗಳ ಅಭಿವೃದ್ಧಿಯಲ್ಲಿ ಸಂಶೋಧಕರ ಪಾತ್ರ ಮಹತ್ವದ್ದು ಎಂದರು. ಕಾಲೇಜಿನ ಪ್ರಾಂಶುಪಾಲರು ಅಧ್ಯಕ್ಷತೆ ವಹಿಸಿದ್ದರು. ವಿವಿಧ ಸಂಸ್ಥೆಗಳ ಸಂಶೋಧಕರು, ಪ್ರಾಧ್ಯಾಪಕರು ಹಾಗೂ ವಿದ್ಯಾರ್ಥಿಗಳು ಭಾಗವಹಿಸಿದ್ದರು.
